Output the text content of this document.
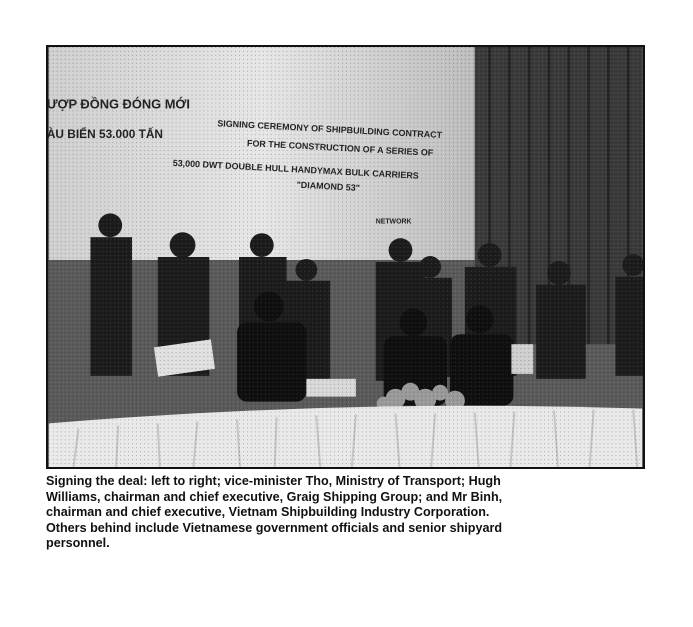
Signing the deal: left to right; vice-minister Tho, Ministry of Transport; Hugh
Williams, chairman and chief executive, Graig Shipping Group; and Mr Binh,
chairman and chief executive, Vietnam Shipbuilding Industry Corporation.
Others behind include Vietnamese government officials and senior shipyard
personnel.
